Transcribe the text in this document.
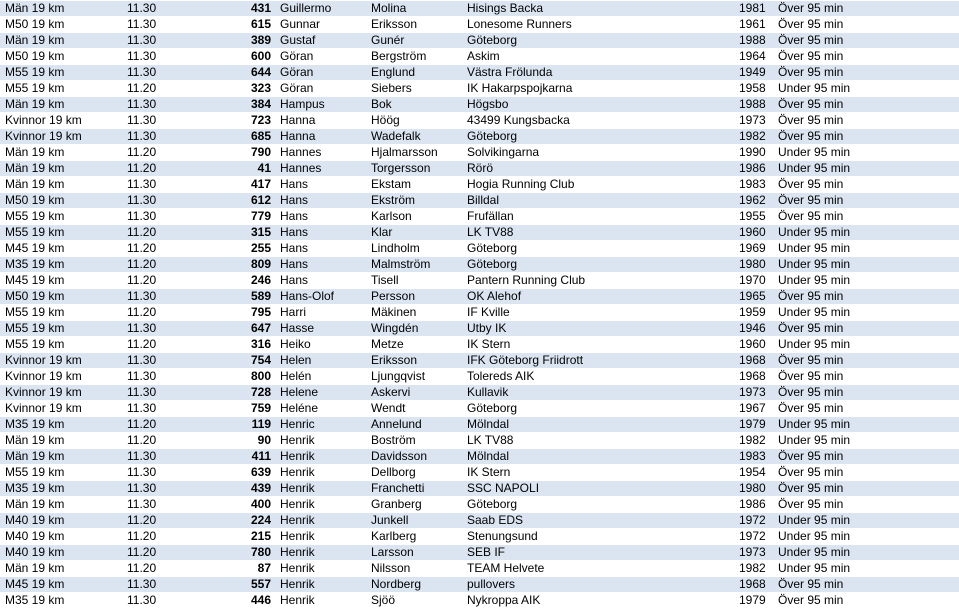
Män 19 km	11.30	431	Guillermo	Molina	Hisings Backa	1981	Över 95 min
M50 19 km	11.30	615	Gunnar	Eriksson	Lonesome Runners	1961	Över 95 min
Män 19 km	11.30	389	Gustaf	Gunér	Göteborg	1988	Över 95 min
M50 19 km	11.30	600	Göran	Bergström	Askim	1964	Över 95 min
M55 19 km	11.30	644	Göran	Englund	Västra Frölunda	1949	Över 95 min
M55 19 km	11.20	323	Göran	Siebers	IK Hakarpspojkarna	1958	Under 95 min
Män 19 km	11.30	384	Hampus	Bok	Högsbo	1988	Över 95 min
Kvinnor 19 km	11.30	723	Hanna	Höög	43499 Kungsbacka	1973	Över 95 min
Kvinnor 19 km	11.30	685	Hanna	Wadefalk	Göteborg	1982	Över 95 min
Män 19 km	11.20	790	Hannes	Hjalmarsson	Solvikingarna	1990	Under 95 min
Män 19 km	11.20	41	Hannes	Torgersson	Rörö	1986	Under 95 min
Män 19 km	11.30	417	Hans	Ekstam	Hogia Running Club	1983	Över 95 min
M50 19 km	11.30	612	Hans	Ekström	Billdal	1962	Över 95 min
M55 19 km	11.30	779	Hans	Karlson	Frufällan	1955	Över 95 min
M55 19 km	11.20	315	Hans	Klar	LK TV88	1960	Under 95 min
M45 19 km	11.20	255	Hans	Lindholm	Göteborg	1969	Under 95 min
M35 19 km	11.20	809	Hans	Malmström	Göteborg	1980	Under 95 min
M45 19 km	11.20	246	Hans	Tisell	Pantern Running Club	1970	Under 95 min
M50 19 km	11.30	589	Hans-Olof	Persson	OK Alehof	1965	Över 95 min
M55 19 km	11.20	795	Harri	Mäkinen	IF Kville	1959	Under 95 min
M55 19 km	11.30	647	Hasse	Wingdén	Utby IK	1946	Över 95 min
M55 19 km	11.20	316	Heiko	Metze	IK Stern	1960	Under 95 min
Kvinnor 19 km	11.30	754	Helen	Eriksson	IFK Göteborg Friidrott	1968	Över 95 min
Kvinnor 19 km	11.30	800	Helén	Ljungqvist	Tolereds AIK	1968	Över 95 min
Kvinnor 19 km	11.30	728	Helene	Askervi	Kullavik	1973	Över 95 min
Kvinnor 19 km	11.30	759	Heléne	Wendt	Göteborg	1967	Över 95 min
M35 19 km	11.20	119	Henric	Annelund	Mölndal	1979	Under 95 min
Män 19 km	11.20	90	Henrik	Boström	LK TV88	1982	Under 95 min
Män 19 km	11.30	411	Henrik	Davidsson	Mölndal	1983	Över 95 min
M55 19 km	11.30	639	Henrik	Dellborg	IK Stern	1954	Över 95 min
M35 19 km	11.30	439	Henrik	Franchetti	SSC NAPOLI	1980	Över 95 min
Män 19 km	11.30	400	Henrik	Granberg	Göteborg	1986	Över 95 min
M40 19 km	11.20	224	Henrik	Junkell	Saab EDS	1972	Under 95 min
M40 19 km	11.20	215	Henrik	Karlberg	Stenungsund	1972	Under 95 min
M40 19 km	11.20	780	Henrik	Larsson	SEB IF	1973	Under 95 min
Män 19 km	11.20	87	Henrik	Nilsson	TEAM Helvete	1982	Under 95 min
M45 19 km	11.30	557	Henrik	Nordberg	pullovers	1968	Över 95 min
M35 19 km	11.30	446	Henrik	Sjöö	Nykroppa AIK	1979	Över 95 min
